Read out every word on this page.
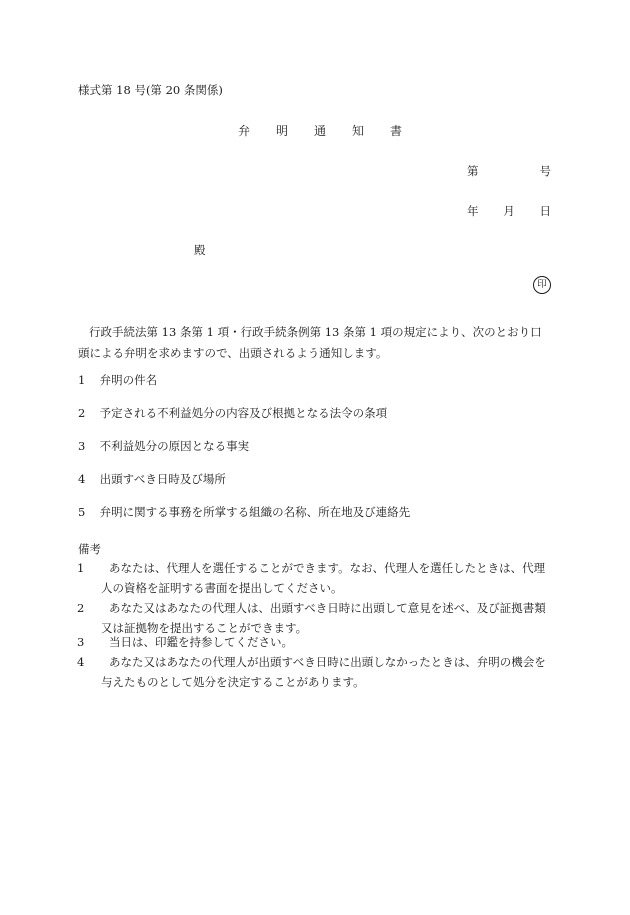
様式第 18 号(第 20 条関係)
弁 明 通 知 書
第	号
年 月 日
殿
印
行政手続法第 13 条第 1 項・行政手続条例第 13 条第 1 項の規定により、次のとおり口頭による弁明を求めますので、出頭されるよう通知します。
1 弁明の件名
2 予定される不利益処分の内容及び根拠となる法令の条項
3 不利益処分の原因となる事実
4 出頭すべき日時及び場所
5 弁明に関する事務を所掌する組織の名称、所在地及び連絡先
備考
1 あなたは、代理人を選任することができます。なお、代理人を選任したときは、代理人の資格を証明する書面を提出してください。
2 あなた又はあなたの代理人は、出頭すべき日時に出頭して意見を述べ、及び証拠書類又は証拠物を提出することができます。
3 当日は、印鑑を持参してください。
4 あなた又はあなたの代理人が出頭すべき日時に出頭しなかったときは、弁明の機会を与えたものとして処分を決定することがあります。
